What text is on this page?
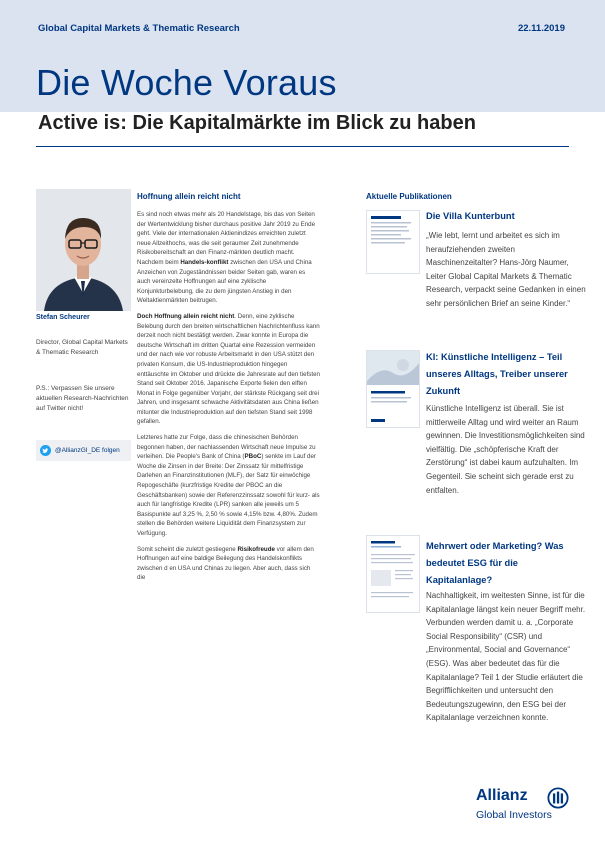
Global Capital Markets & Thematic Research	22.11.2019
Die Woche Voraus
Active is: Die Kapitalmärkte im Blick zu haben
Stefan Scheurer
Director, Global Capital Markets & Thematic Research
P.S.: Verpassen Sie unsere aktuellen Research-Nachrichten auf Twitter nicht!
@AllianzGI_DE folgen
Hoffnung allein reicht nicht

Es sind noch etwas mehr als 20 Handelstage, bis das von Seiten der Wertentwicklung bisher durchaus positive Jahr 2019 zu Ende geht. Viele der internationalen Aktienindizes erreichten zuletzt neue Allzeithochs, was die seit geraumer Zeit zunehmende Risikobereitschaft an den Finanz-märkten deutlich macht. Nachdem beim Handels-konflikt zwischen den USA und China Anzeichen von Zugeständnissen beider Seiten gab, waren es auch vereinzelte Hoffnungen auf eine zyklische Konjunkturbelebung, die zu dem jüngsten Anstieg in den Weltaktienmärkten beitrugen.

Doch Hoffnung allein reicht nicht. Denn, eine zyklische Belebung durch den breiten wirtschaftlichen Nachrichtenfluss kann derzeit noch nicht bestätigt werden. Zwar konnte in Europa die deutsche Wirtschaft im dritten Quartal eine Rezession vermeiden und der nach wie vor robuste Arbeitsmarkt in den USA stützt den privaten Konsum, die US-Industrieproduktion hingegen enttäuschte im Oktober und drückte die Jahresrate auf den tiefsten Stand seit Oktober 2016. Japanische Exporte fielen den elften Monat in Folge gegenüber Vorjahr, der stärkste Rückgang seit drei Jahren, und insgesamt schwache Aktivitätsdaten aus China ließen mitunter die Industrieproduktion auf den tiefsten Stand seit 1998 gefallen.

Letzteres hatte zur Folge, dass die chinesischen Behörden begonnen haben, der nachlassenden Wirtschaft neue Impulse zu verleihen. Die People's Bank of China (PBoC) senkte im Lauf der Woche die Zinsen in der Breite: Der Zinssatz für mittelfristige Darlehen an Finanzinstitutionen (MLF), der Satz für einwöchige Repogeschäfte (kurzfristige Kredite der PBOC an die Geschäftsbanken) sowie der Referenzzinssatz sowohl für kurz- als auch für langfristige Kredite (LPR) sanken alle jeweils um 5 Basispunkte auf 3,25 %, 2,50 % sowie 4,15% bzw. 4,80%. Zudem stellen die Behörden weitere Liquidität dem Finanzsystem zur Verfügung.

Somit scheint die zuletzt gestiegene Risikofreude vor allem den Hoffnungen auf eine baldige Beilegung des Handelskonflikts zwischen d en USA und Chinas zu liegen. Aber auch, dass sich die

Aktuelle Publikationen
Die Villa Kunterbunt
„Wie lebt, lernt und arbeitet es sich im heraufziehenden zweiten Maschinenzeitalter? Hans-Jörg Naumer, Leiter Global Capital Markets & Thematic Research, verpackt seine Gedanken in einen sehr persönlichen Brief an seine Kinder.“
KI: Künstliche Intelligenz – Teil unseres Alltags, Treiber unserer Zukunft
Künstliche Intelligenz ist überall. Sie ist mittlerweile Alltag und wird weiter an Raum gewinnen. Die Investitionsmöglichkeiten sind vielfältig. Die „schöpferische Kraft der Zerstörung“ ist dabei kaum aufzuhalten. Im Gegenteil. Sie scheint sich gerade erst zu entfalten.
Mehrwert oder Marketing? Was bedeutet ESG für die Kapitalanlage?
Nachhaltigkeit, im weitesten Sinne, ist für die Kapitalanlage längst kein neuer Begriff mehr. Verbunden werden damit u. a. „Corporate Social Responsibility“ (CSR) und „Environmental, Social and Governance“ (ESG). Was aber bedeutet das für die Kapitalanlage? Teil 1 der Studie erläutert die Begrifflichkeiten und untersucht den Bedeutungszugewinn, den ESG bei der Kapitalanlage verzeichnen konnte.
Allianz
Global Investors
